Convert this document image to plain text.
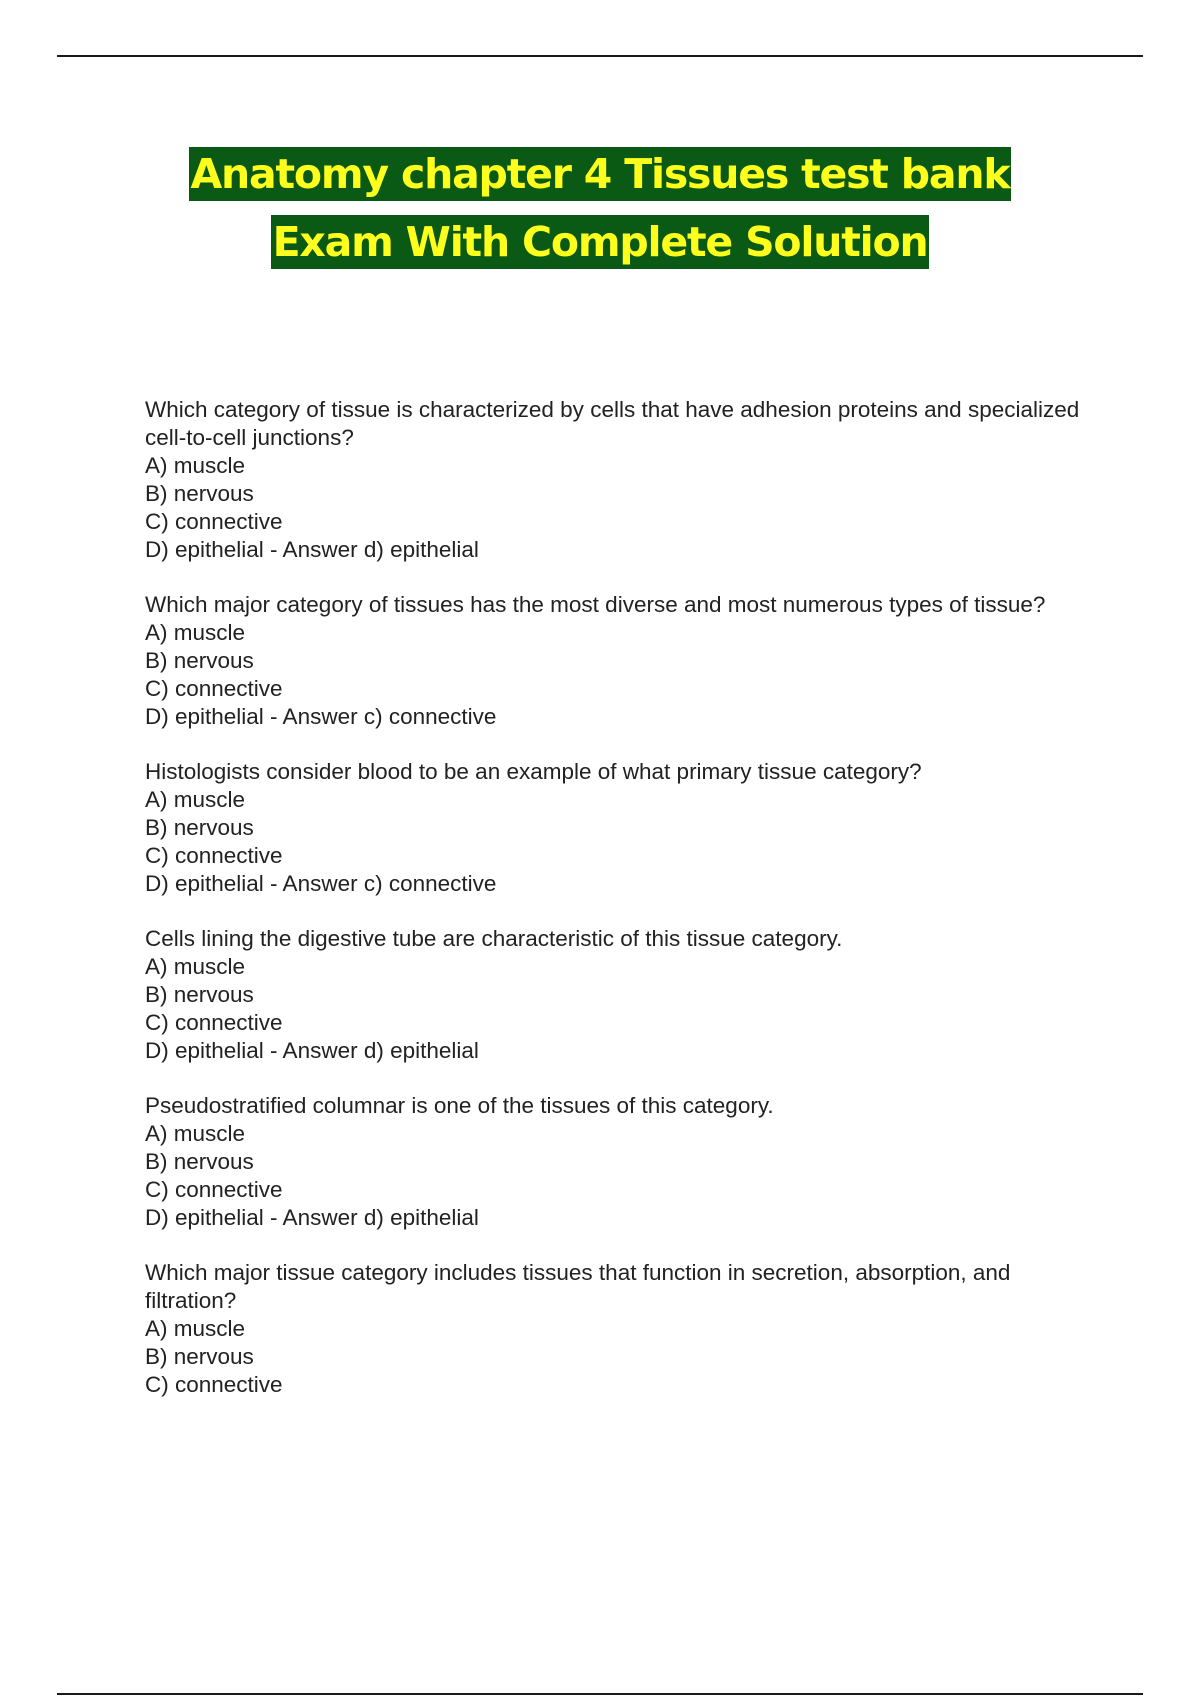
Anatomy chapter 4 Tissues test bank
Exam With Complete Solution
Which category of tissue is characterized by cells that have adhesion proteins and specialized cell-to-cell junctions?
A) muscle
B) nervous
C) connective
D) epithelial - Answer d) epithelial
Which major category of tissues has the most diverse and most numerous types of tissue?
A) muscle
B) nervous
C) connective
D) epithelial - Answer c) connective
Histologists consider blood to be an example of what primary tissue category?
A) muscle
B) nervous
C) connective
D) epithelial - Answer c) connective
Cells lining the digestive tube are characteristic of this tissue category.
A) muscle
B) nervous
C) connective
D) epithelial - Answer d) epithelial
Pseudostratified columnar is one of the tissues of this category.
A) muscle
B) nervous
C) connective
D) epithelial - Answer d) epithelial
Which major tissue category includes tissues that function in secretion, absorption, and filtration?
A) muscle
B) nervous
C) connective
